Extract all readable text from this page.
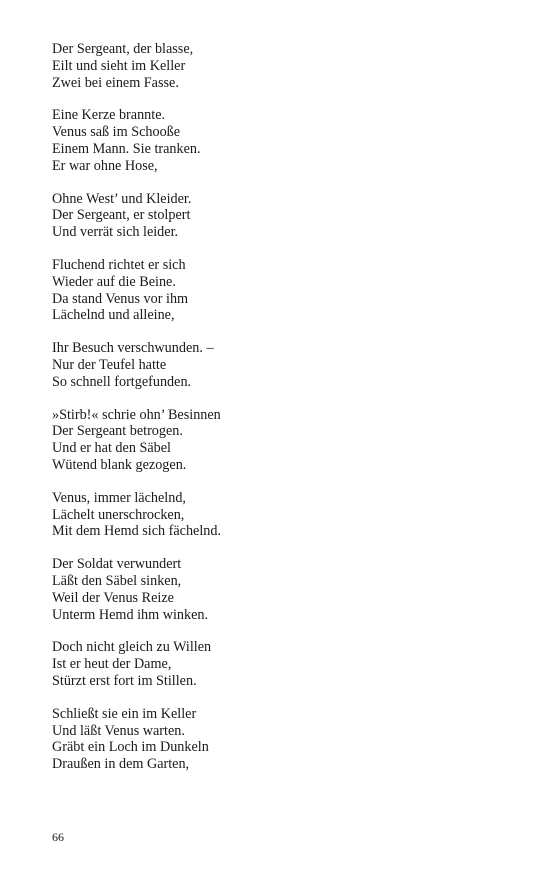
Der Sergeant, der blasse,
Eilt und sieht im Keller
Zwei bei einem Fasse.
Eine Kerze brannte.
Venus saß im Schooße
Einem Mann. Sie tranken.
Er war ohne Hose,
Ohne West’ und Kleider.
Der Sergeant, er stolpert
Und verrät sich leider.
Fluchend richtet er sich
Wieder auf die Beine.
Da stand Venus vor ihm
Lächelnd und alleine,
Ihr Besuch verschwunden. –
Nur der Teufel hatte
So schnell fortgefunden.
»Stirb!« schrie ohn’ Besinnen
Der Sergeant betrogen.
Und er hat den Säbel
Wütend blank gezogen.
Venus, immer lächelnd,
Lächelt unerschrocken,
Mit dem Hemd sich fächelnd.
Der Soldat verwundert
Läßt den Säbel sinken,
Weil der Venus Reize
Unterm Hemd ihm winken.
Doch nicht gleich zu Willen
Ist er heut der Dame,
Stürzt erst fort im Stillen.
Schließt sie ein im Keller
Und läßt Venus warten.
Gräbt ein Loch im Dunkeln
Draußen in dem Garten,
66
